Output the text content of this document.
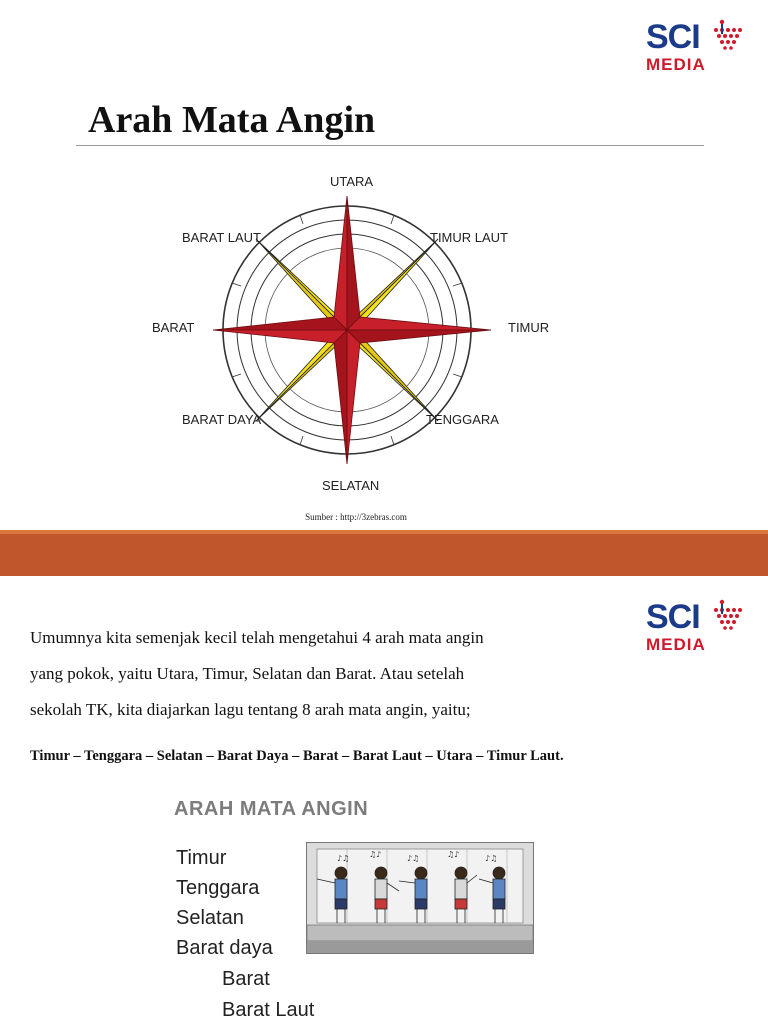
SCI
MEDIA
Arah Mata Angin
UTARA
TIMUR LAUT
TIMUR
TENGGARA
SELATAN
BARAT DAYA
BARAT
BARAT LAUT
Sumber : http://3zebras.com
SCI
MEDIA
Umumnya kita semenjak kecil telah mengetahui 4 arah mata angin
yang pokok, yaitu Utara, Timur, Selatan dan Barat. Atau setelah
sekolah TK, kita diajarkan lagu tentang 8 arah mata angin, yaitu;
Timur – Tenggara – Selatan – Barat Daya – Barat – Barat Laut – Utara – Timur Laut.
ARAH MATA ANGIN
Timur
Tenggara
Selatan
Barat daya
Barat
Barat Laut
♪♫ ♫♪	♪♫	♫♪	♪♫
